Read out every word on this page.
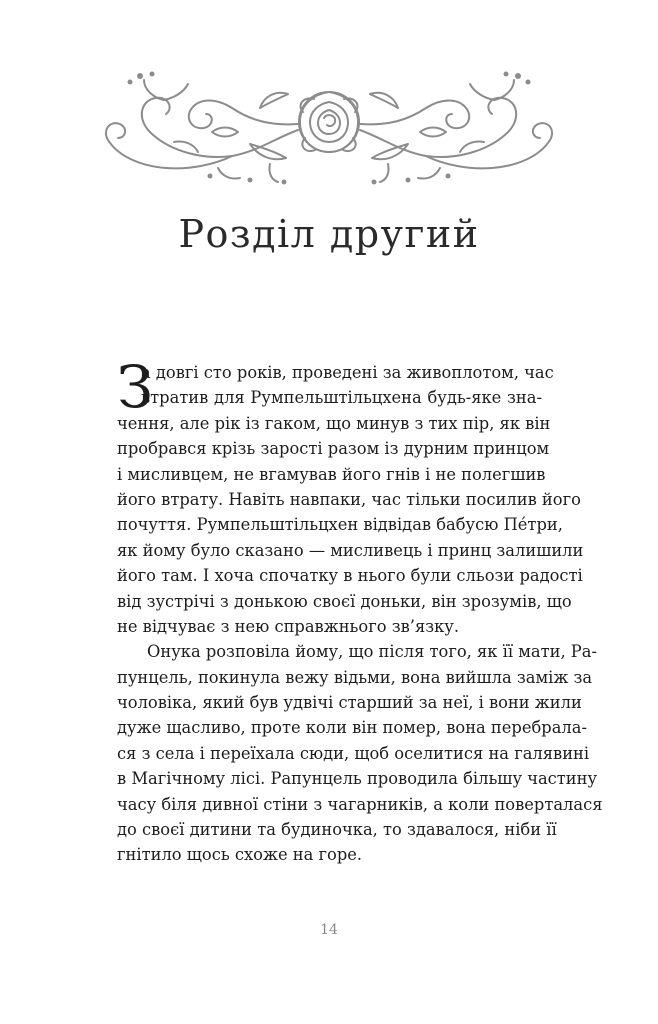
Розділ другий
З
а довгі сто років, проведені за живоплотом, час
втратив для Румпельштільцхена будь-яке зна-
чення, але рік із гаком, що минув з тих пір, як він
пробрався крізь зарості разом із дурним принцом
і мисливцем, не вгамував його гнів і не полегшив
його втрату. Навіть навпаки, час тільки посилив його
почуття. Румпельштільцхен відвідав бабусю Пе́три,
як йому було сказано — мисливець і принц залишили
його там. І хоча спочатку в нього були сльози радості
від зустрічі з донькою своєї доньки, він зрозумів, що
не відчуває з нею справжнього зв’язку.
Онука розповіла йому, що після того, як її мати, Ра-
пунцель, покинула вежу відьми, вона вийшла заміж за
чоловіка, який був удвічі старший за неї, і вони жили
дуже щасливо, проте коли він помер, вона перебрала-
ся з села і переїхала сюди, щоб оселитися на галявині
в Магічному лісі. Рапунцель проводила більшу частину
часу біля дивної стіни з чагарників, а коли поверталася
до своєї дитини та будиночка, то здавалося, ніби її
гнітило щось схоже на горе.
14
